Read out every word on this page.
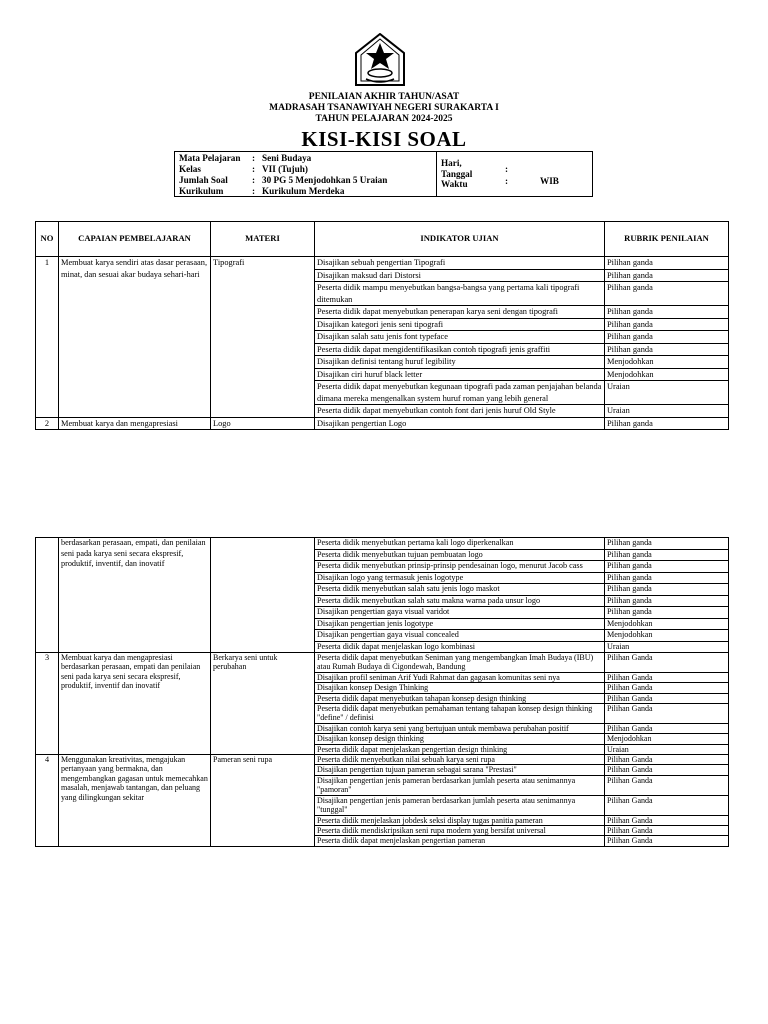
PENILAIAN AKHIR TAHUN/ASAT
MADRASAH TSANAWIYAH NEGERI SURAKARTA I
TAHUN PELAJARAN 2024-2025
KISI-KISI SOAL
Mata Pelajaran : Seni Budaya
Kelas	: VII (Tujuh)
Jumlah Soal	: 30 PG 5 Menjodohkan 5 Uraian
Kurikulum	: Kurikulum Merdeka
Hari,
Tanggal	:
Waktu	:	WIB
NO	CAPAIAN PEMBELAJARAN	MATERI	INDIKATOR UJIAN	RUBRIK PENILAIAN
1	Membuat karya sendiri atas dasar perasaan, minat, dan sesuai akar budaya sehari-hari	Tipografi	Disajikan sebuah pengertian Tipografi	Pilihan ganda
			Disajikan maksud dari Distorsi	Pilihan ganda
			Peserta didik mampu menyebutkan bangsa-bangsa yang pertama kali tipografi ditemukan	Pilihan ganda
			Peserta didik dapat menyebutkan penerapan karya seni dengan tipografi	Pilihan ganda
			Disajikan kategori jenis seni tipografi	Pilihan ganda
			Disajikan salah satu jenis font typeface	Pilihan ganda
			Peserta didik dapat mengidentifikasikan contoh tipografi jenis graffiti	Pilihan ganda
			Disajikan definisi tentang huruf legibility	Menjodohkan
			Disajikan ciri huruf black letter	Menjodohkan
			Peserta didik dapat menyebutkan kegunaan tipografi pada zaman penjajahan belanda dimana mereka mengenalkan system huruf roman yang lebih general	Uraian
			Peserta didik dapat menyebutkan contoh font dari jenis huruf Old Style	Uraian
2	Membuat karya dan mengapresiasi	Logo	Disajikan pengertian Logo	Pilihan ganda
	berdasarkan perasaan, empati, dan penilaian seni pada karya seni secara ekspresif, produktif, inventif, dan inovatif		Peserta didik menyebutkan pertama kali logo diperkenalkan	Pilihan ganda
			Peserta didik menyebutkan tujuan pembuatan logo	Pilihan ganda
			Peserta didik menyebutkan prinsip-prinsip pendesainan logo, menurut Jacob cass	Pilihan ganda
			Disajikan logo yang termasuk jenis logotype	Pilihan ganda
			Peserta didik menyebutkan salah satu jenis logo maskot	Pilihan ganda
			Peserta didik menyebutkan salah satu makna warna pada unsur logo	Pilihan ganda
			Disajikan pengertian gaya visual varidot	Pilihan ganda
			Disajikan pengertian jenis logotype	Menjodohkan
			Disajikan pengertian gaya visual concealed	Menjodohkan
			Peserta didik dapat menjelaskan logo kombinasi	Uraian
3	Membuat karya dan mengapresiasi berdasarkan perasaan, empati dan penilaian seni pada karya seni secara ekspresif, produktif, inventif dan inovatif	Berkarya seni untuk perubahan	Peserta didik dapat menyebutkan Seniman yang mengembangkan Imah Budaya (IBU) atau Rumah Budaya di Cigondewah, Bandung	Pilihan Ganda
			Disajikan profil seniman Arif Yudi Rahmat dan gagasan komunitas seni nya	Pilihan Ganda
			Disajikan konsep Design Thinking	Pilihan Ganda
			Peserta didik dapat menyebutkan tahapan konsep design thinking	Pilihan Ganda
			Peserta didik dapat menyebutkan pemahaman tentang tahapan konsep design thinking "define" / definisi	Pilihan Ganda
			Disajikan contoh karya seni yang bertujuan untuk membawa perubahan positif	Pilihan Ganda
			Disajikan konsep design thinking	Menjodohkan
			Peserta didik dapat menjelaskan pengertian design thinking	Uraian
4	Menggunakan kreativitas, mengajukan pertanyaan yang bermakna, dan mengembangkan gagasan untuk memecahkan masalah, menjawab tantangan, dan peluang yang dilingkungan sekitar	Pameran seni rupa	Peserta didik menyebutkan nilai sebuah karya seni rupa	Pilihan Ganda
			Disajikan pengertian tujuan pameran sebagai sarana "Prestasi"	Pilihan Ganda
			Disajikan pengertian jenis pameran berdasarkan jumlah peserta atau senimannya "pamoran"	Pilihan Ganda
			Disajikan pengertian jenis pameran berdasarkan jumlah peserta atau senimannya "tunggal"	Pilihan Ganda
			Peserta didik menjelaskan jobdesk seksi display tugas panitia pameran	Pilihan Ganda
			Peserta didik mendiskripsikan seni rupa modern yang bersifat universal	Pilihan Ganda
			Peserta didik dapat menjelaskan pengertian pameran	Pilihan Ganda
